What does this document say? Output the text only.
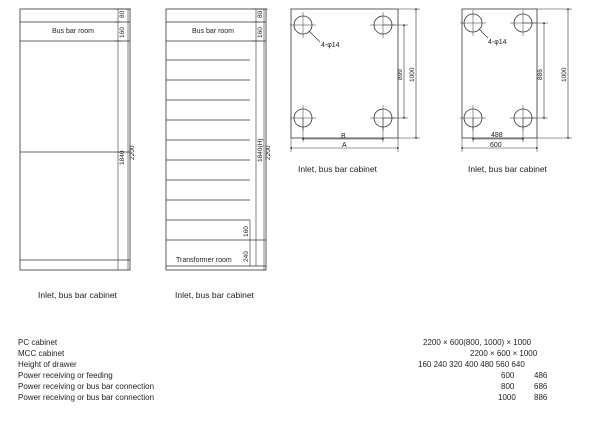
Bus bar room
80
160
1840 2200
Bus bar room
Transformer room
80
160
1840(H) 2200
160
240
4-φ14
899 1000
B
A
4-φ14
886	1000
488
600
Inlet, bus bar cabinet	Inlet, bus bar cabinet
Inlet, bus bar cabinet	Inlet, bus bar cabinet
PC cabinet	2200 × 600(800, 1000) × 1000
MCC cabinet	2200 × 600 × 1000
Height of drawer	160 240 320 400 480 560 640
Power receiving or feeding	600 486
Power receiving or bus bar connection	800 686
Power receiving or bus bar connection	1000 886
